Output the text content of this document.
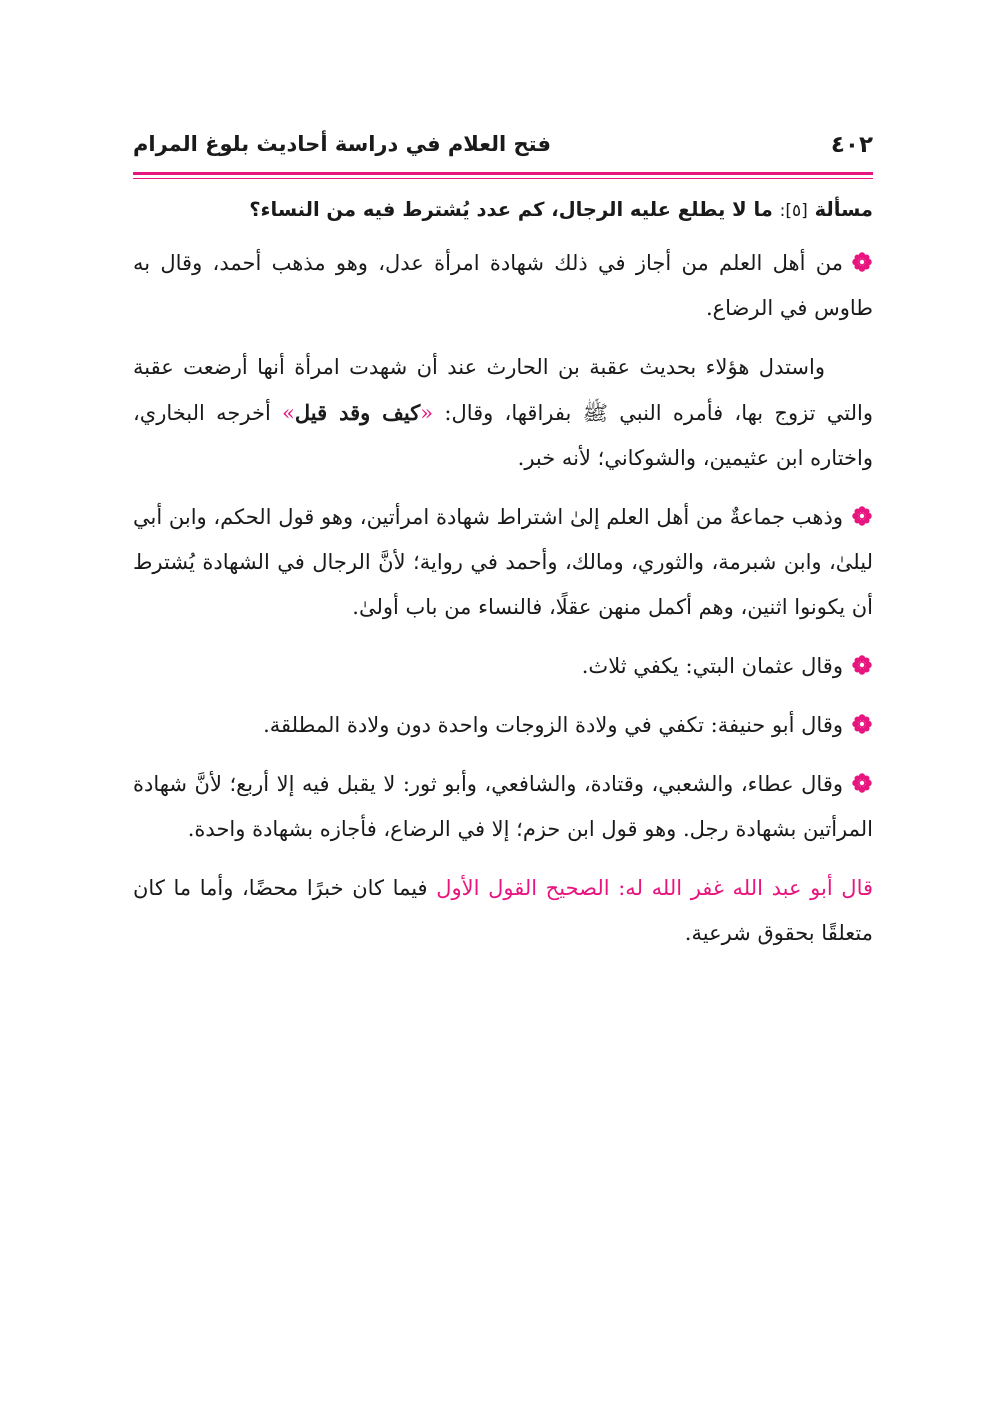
فتح العلام في دراسة أحاديث بلوغ المرام	٤٠٢
مسألة [٥]: ما لا يطلع عليه الرجال، كم عدد يُشترط فيه من النساء؟

من أهل العلم من أجاز في ذلك شهادة امرأة عدل، وهو مذهب أحمد، وقال به طاوس في الرضاع.

واستدل هؤلاء بحديث عقبة بن الحارث عند أن شهدت امرأة أنها أرضعت عقبة والتي تزوج بها، فأمره النبي ﷺ بفراقها، وقال: «كيف وقد قيل» أخرجه البخاري، واختاره ابن عثيمين، والشوكاني؛ لأنه خبر.

وذهب جماعةٌ من أهل العلم إلىٰ اشتراط شهادة امرأتين، وهو قول الحكم، وابن أبي ليلىٰ، وابن شبرمة، والثوري، ومالك، وأحمد في رواية؛ لأنَّ الرجال في الشهادة يُشترط أن يكونوا اثنين، وهم أكمل منهن عقلًا، فالنساء من باب أولىٰ.

وقال عثمان البتي: يكفي ثلاث.

وقال أبو حنيفة: تكفي في ولادة الزوجات واحدة دون ولادة المطلقة.

وقال عطاء، والشعبي، وقتادة، والشافعي، وأبو ثور: لا يقبل فيه إلا أربع؛ لأنَّ شهادة المرأتين بشهادة رجل. وهو قول ابن حزم؛ إلا في الرضاع، فأجازه بشهادة واحدة.

قال أبو عبد الله غفر الله له: الصحيح القول الأول فيما كان خبرًا محضًا، وأما ما كان متعلقًا بحقوق شرعية.
